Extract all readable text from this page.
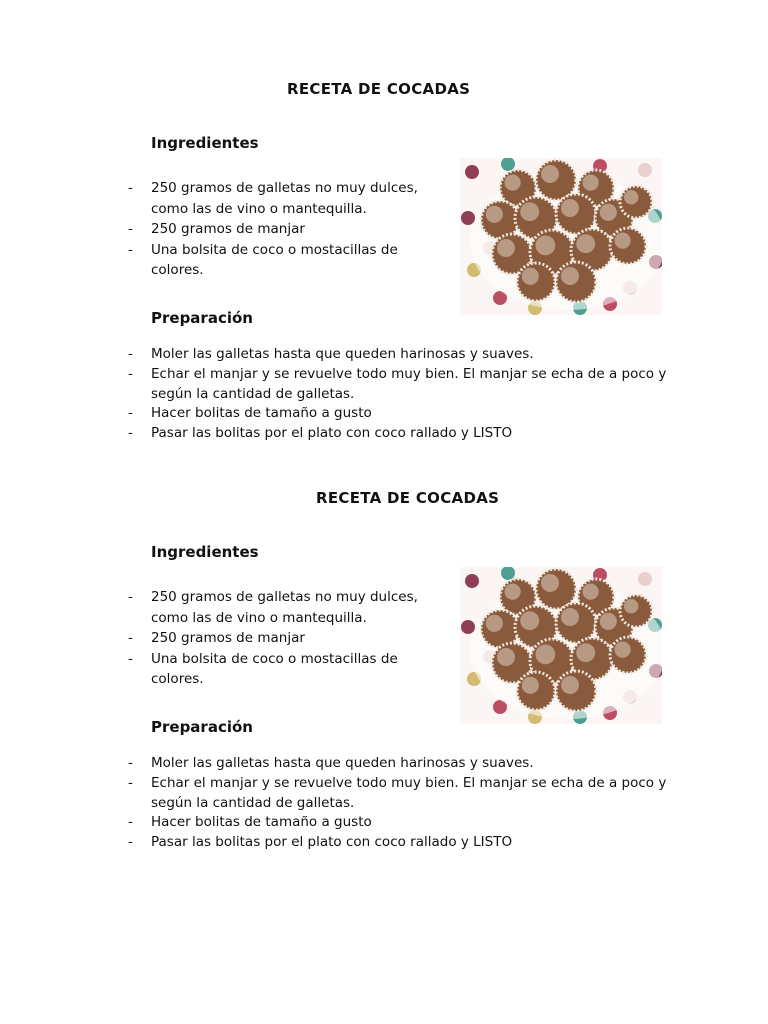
RECETA DE COCADAS
Ingredientes
- 250 gramos de galletas no muy dulces, como las de vino o mantequilla.
- 250 gramos de manjar
- Una bolsita de coco o mostacillas de colores.
Preparación
- Moler las galletas hasta que queden harinosas y suaves.
- Echar el manjar y se revuelve todo muy bien. El manjar se echa de a poco y según la cantidad de galletas.
- Hacer bolitas de tamaño a gusto
- Pasar las bolitas por el plato con coco rallado y LISTO
RECETA DE COCADAS
Ingredientes
- 250 gramos de galletas no muy dulces, como las de vino o mantequilla.
- 250 gramos de manjar
- Una bolsita de coco o mostacillas de colores.
Preparación
- Moler las galletas hasta que queden harinosas y suaves.
- Echar el manjar y se revuelve todo muy bien. El manjar se echa de a poco y según la cantidad de galletas.
- Hacer bolitas de tamaño a gusto
- Pasar las bolitas por el plato con coco rallado y LISTO
